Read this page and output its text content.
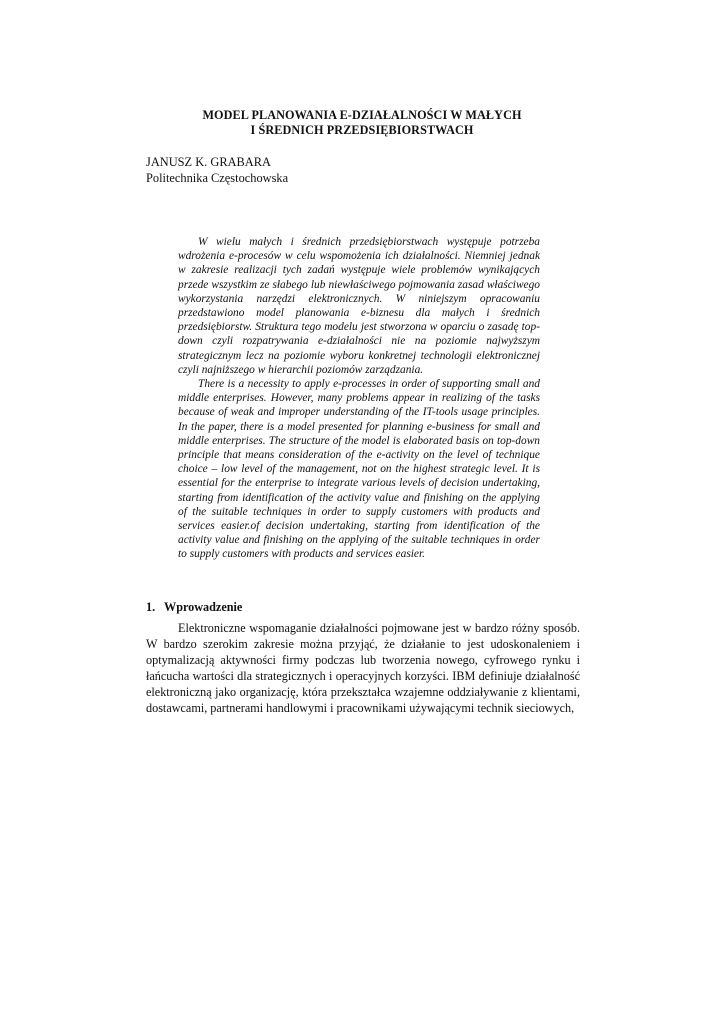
MODEL PLANOWANIA E-DZIAŁALNOŚCI W MAŁYCH
I ŚREDNICH PRZEDSIĘBIORSTWACH
JANUSZ K. GRABARA
Politechnika Częstochowska

W wielu małych i średnich przedsiębiorstwach występuje potrzeba wdrożenia e-procesów w celu wspomożenia ich działalności. Niemniej jednak w zakresie realizacji tych zadań występuje wiele problemów wynikających przede wszystkim ze słabego lub niewłaściwego pojmowania zasad właściwego wykorzystania narzędzi elektronicznych. W niniejszym opracowaniu przedstawiono model planowania e-biznesu dla małych i średnich przedsiębiorstw. Struktura tego modelu jest stworzona w oparciu o zasadę top-down czyli rozpatrywania e-działalności nie na poziomie najwyższym strategicznym lecz na poziomie wyboru konkretnej technologii elektronicznej czyli najniższego w hierarchii poziomów zarządzania.

There is a necessity to apply e-processes in order of supporting small and middle enterprises. However, many problems appear in realizing of the tasks because of weak and improper understanding of the IT-tools usage principles. In the paper, there is a model presented for planning e-business for small and middle enterprises. The structure of the model is elaborated basis on top-down principle that means consideration of the e-activity on the level of technique choice – low level of the management, not on the highest strategic level. It is essential for the enterprise to integrate various levels of decision undertaking, starting from identification of the activity value and finishing on the applying of the suitable techniques in order to supply customers with products and services easier.of decision undertaking, starting from identification of the activity value and finishing on the applying of the suitable techniques in order to supply customers with products and services easier.

1. Wprowadzenie

Elektroniczne wspomaganie działalności pojmowane jest w bardzo różny sposób. W bardzo szerokim zakresie można przyjąć, że działanie to jest udoskonaleniem i optymalizacją aktywności firmy podczas lub tworzenia nowego, cyfrowego rynku i łańcucha wartości dla strategicznych i operacyjnych korzyści. IBM definiuje działalność elektroniczną jako organizację, która przekształca wzajemne oddziaływanie z klientami, dostawcami, partnerami handlowymi i pracownikami używającymi technik sieciowych,
